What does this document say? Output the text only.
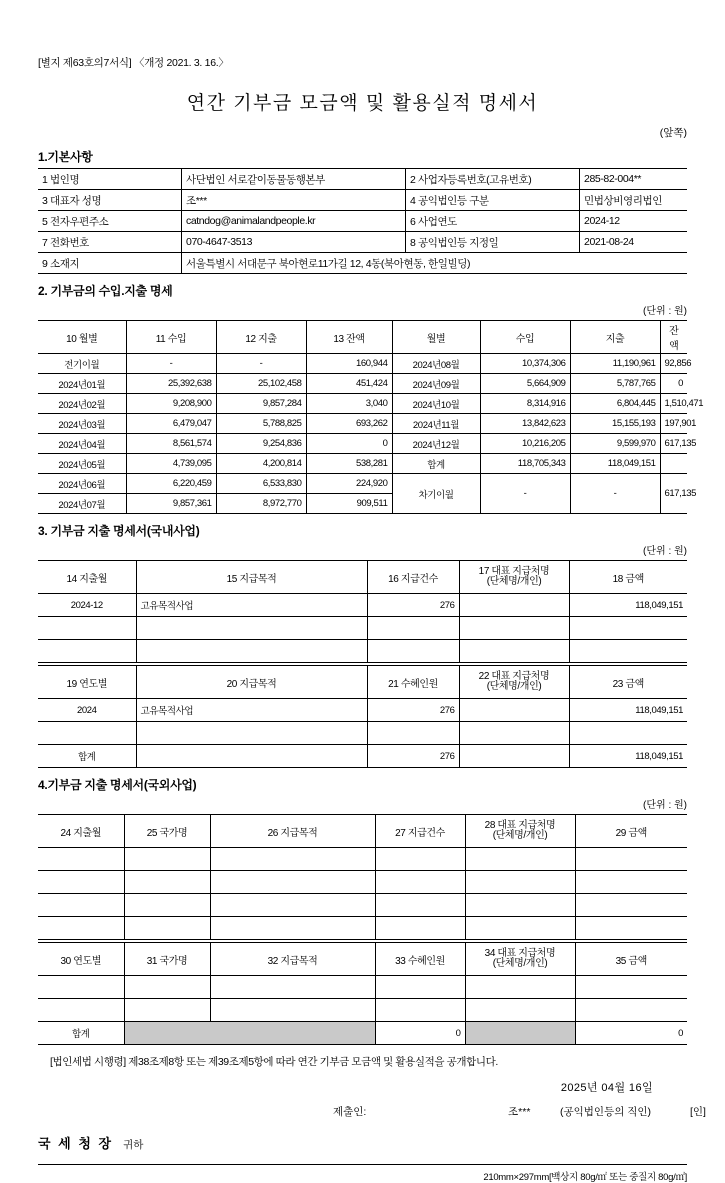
[별지 제63호의7서식] 〈개정 2021. 3. 16.〉
연간 기부금 모금액 및 활용실적 명세서
(앞쪽)
1.기본사항
1 법인명	사단법인 서로같이동물동행본부	2 사업자등록번호(고유번호)	285-82-004**
3 대표자 성명	조***	4 공익법인등 구분	민법상비영리법인
5 전자우편주소	catndog@animalandpeople.kr	6 사업연도	2024-12
7 전화번호	070-4647-3513	8 공익법인등 지정일	2021-08-24
9 소재지	서울특별시 서대문구 북아현로11가길 12, 4동(북아현동, 한일빌딩)		
2. 기부금의 수입.지출 명세
(단위 : 원)
10 월별	11 수입	12 지출	13 잔액	월별	수입	지출	잔액
전기이월	-	-	160,944	2024년08월	10,374,306	11,190,961	92,856
2024년01월	25,392,638	25,102,458	451,424	2024년09월	5,664,909	5,787,765	0
2024년02월	9,208,900	9,857,284	3,040	2024년10월	8,314,916	6,804,445	1,510,471
2024년03월	6,479,047	5,788,825	693,262	2024년11월	13,842,623	15,155,193	197,901
2024년04월	8,561,574	9,254,836	0	2024년12월	10,216,205	9,599,970	617,135
2024년05월	4,739,095	4,200,814	538,281	합계	118,705,343	118,049,151	
2024년06월	6,220,459	6,533,830	224,920	차기이월	-	-	617,135
2024년07월	9,857,361	8,972,770	909,511				
3. 기부금 지출 명세서(국내사업)
(단위 : 원)
14 지출월	15 지급목적	16 지급건수	17 대표 지급처명
(단체명/개인)	18 금액
2024-12	고유목적사업	276		118,049,151

19 연도별	20 지급목적	21 수혜인원	22 대표 지급처명
(단체명/개인)	23 금액
2024	고유목적사업	276		118,049,151

합계		276		118,049,151
4.기부금 지출 명세서(국외사업)
(단위 : 원)
24 지출월	25 국가명	26 지급목적	27 지급건수	28 대표 지급처명
(단체명/개인)	29 금액

30 연도별	31 국가명	32 지급목적	33 수혜인원	34 대표 지급처명
(단체명/개인)	35 금액

합계			0		0
[법인세법 시행령] 제38조제8항 또는 제39조제5항에 따라 연간 기부금 모금액 및 활용실적을 공개합니다.
2025년 04월 16일
제출인:	조***	(공익법인등의 직인)	[인]
국 세 청 장 귀하
210mm×297mm[백상지 80g/㎡ 또는 중질지 80g/㎡]
